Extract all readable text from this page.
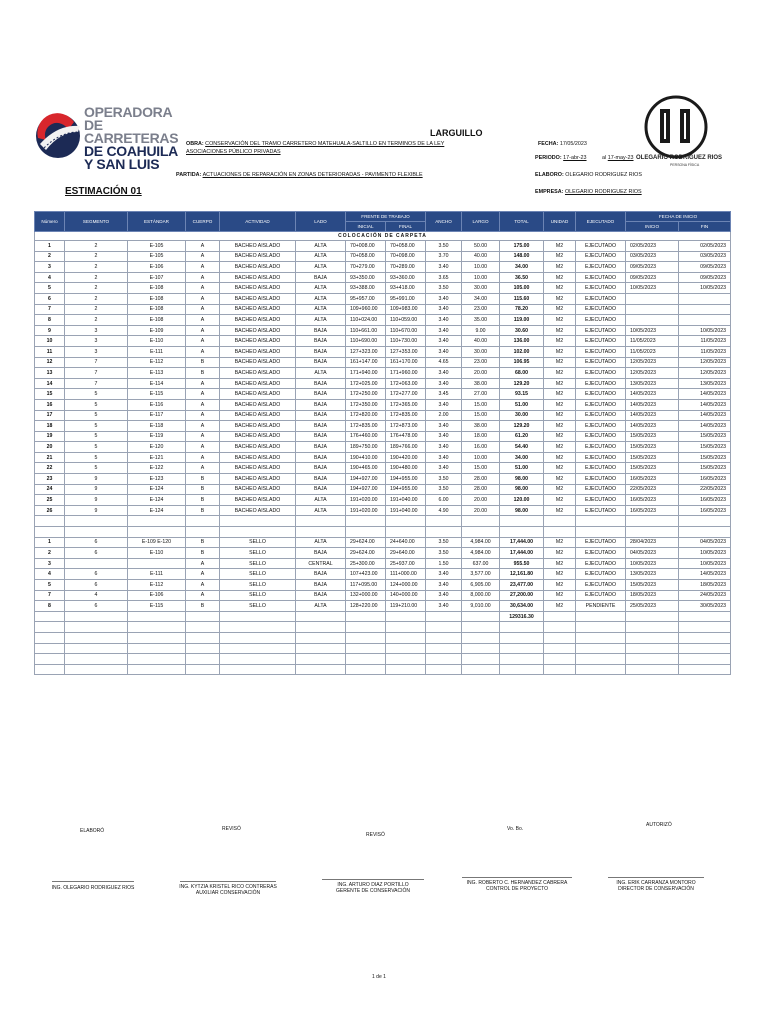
OPERADORA
DE CARRETERAS
DE COAHUILA
Y SAN LUIS	OLEGARIO RODRÍGUEZ RIOS
PERSONA FÍSICA
LARGUILLO
OBRA: CONSERVACIÓN DEL TRAMO CARRETERO MATEHUALA-SALTILLO EN TERMINOS DE LA LEY ASOCIACIONES PÚBLICO PRIVADAS
PARTIDA: ACTUACIONES DE REPARACIÓN EN ZONAS DETERIORADAS - PAVIMENTO FLEXIBLE
FECHA: 17/05/2023
PERIODO: 17-abr-23	al 17-may-23
ELABORO: OLEGARIO RODRIGUEZ RIOS
EMPRESA: OLEGARIO RODRIGUEZ RIOS
ESTIMACIÓN 01
Número	SEGMENTO	ESTÁNDAR	CUERPO	ACTIVIDAD	LADO	FRENTE DE TRABAJO		ANCHO	LARGO	TOTAL	UNIDAD	EJECUTADO	FECHA DE INICIO	
						INICIAL	FINAL						INICIO	FIN
COLOCACIÓN DE CARPETA														
1	2	E-105	A	BACHEO AISLADO	ALTA	70+008.00	70+058.00	3.50	50.00	175.00	M2	EJECUTADO	02/05/2023	02/05/2023
2	2	E-105	A	BACHEO AISLADO	ALTA	70+058.00	70+098.00	3.70	40.00	148.00	M2	EJECUTADO	03/05/2023	03/05/2023
3	2	E-106	A	BACHEO AISLADO	ALTA	70+279.00	70+289.00	3.40	10.00	34.00	M2	EJECUTADO	09/05/2023	09/05/2023
4	2	E-107	A	BACHEO AISLADO	BAJA	93+350.00	93+360.00	3.65	10.00	36.50	M2	EJECUTADO	09/05/2023	09/05/2023
5	2	E-108	A	BACHEO AISLADO	ALTA	93+388.00	93+418.00	3.50	30.00	105.00	M2	EJECUTADO	10/05/2023	10/05/2023
6	2	E-108	A	BACHEO AISLADO	ALTA	95+957.00	95+991.00	3.40	34.00	115.60	M2	EJECUTADO		
7	2	E-108	A	BACHEO AISLADO	ALTA	109+960.00	109+983.00	3.40	23.00	78.20	M2	EJECUTADO		
8	2	E-108	A	BACHEO AISLADO	ALTA	110+024.00	110+059.00	3.40	35.00	119.00	M2	EJECUTADO		
9	3	E-109	A	BACHEO AISLADO	BAJA	110+661.00	110+670.00	3.40	9.00	30.60	M2	EJECUTADO	10/05/2023	10/05/2023
10	3	E-110	A	BACHEO AISLADO	BAJA	110+690.00	110+730.00	3.40	40.00	136.00	M2	EJECUTADO	11/05/2023	11/05/2023
11	3	E-111	A	BACHEO AISLADO	BAJA	127+323.00	127+353.00	3.40	30.00	102.00	M2	EJECUTADO	11/05/2023	11/05/2023
12	7	E-112	B	BACHEO AISLADO	BAJA	161+147.00	161+170.00	4.65	23.00	106.95	M2	EJECUTADO	12/05/2023	12/05/2023
13	7	E-113	B	BACHEO AISLADO	ALTA	171+940.00	171+960.00	3.40	20.00	68.00	M2	EJECUTADO	12/05/2023	12/05/2023
14	7	E-114	A	BACHEO AISLADO	BAJA	172+025.00	172+063.00	3.40	38.00	129.20	M2	EJECUTADO	13/05/2023	13/05/2023
15	5	E-115	A	BACHEO AISLADO	BAJA	172+250.00	172+277.00	3.45	27.00	93.15	M2	EJECUTADO	14/05/2023	14/05/2023
16	5	E-116	A	BACHEO AISLADO	BAJA	172+350.00	172+365.00	3.40	15.00	51.00	M2	EJECUTADO	14/05/2023	14/05/2023
17	5	E-117	A	BACHEO AISLADO	BAJA	172+820.00	172+835.00	2.00	15.00	30.00	M2	EJECUTADO	14/05/2023	14/05/2023
18	5	E-118	A	BACHEO AISLADO	BAJA	172+835.00	172+873.00	3.40	38.00	129.20	M2	EJECUTADO	14/05/2023	14/05/2023
19	5	E-119	A	BACHEO AISLADO	BAJA	176+460.00	176+478.00	3.40	18.00	61.20	M2	EJECUTADO	15/05/2023	15/05/2023
20	5	E-120	A	BACHEO AISLADO	BAJA	189+750.00	189+766.00	3.40	16.00	54.40	M2	EJECUTADO	15/05/2023	15/05/2023
21	5	E-121	A	BACHEO AISLADO	BAJA	190+410.00	190+420.00	3.40	10.00	34.00	M2	EJECUTADO	15/05/2023	15/05/2023
22	5	E-122	A	BACHEO AISLADO	BAJA	190+465.00	190+480.00	3.40	15.00	51.00	M2	EJECUTADO	15/05/2023	15/05/2023
23	9	E-123	B	BACHEO AISLADO	BAJA	194+927.00	194+955.00	3.50	28.00	98.00	M2	EJECUTADO	16/05/2023	16/05/2023
24	9	E-124	B	BACHEO AISLADO	BAJA	194+927.00	194+955.00	3.50	28.00	98.00	M2	EJECUTADO	22/05/2023	22/05/2023
25	9	E-124	B	BACHEO AISLADO	ALTA	191+020.00	191+040.00	6.00	20.00	120.00	M2	EJECUTADO	16/05/2023	16/05/2023
26	9	E-124	B	BACHEO AISLADO	ALTA	191+020.00	191+040.00	4.90	20.00	98.00	M2	EJECUTADO	16/05/2023	16/05/2023

1	6	E-109 E-120	B	SELLO	ALTA	29+624.00	24+640.00	3.50	4,984.00	17,444.00	M2	EJECUTADO	28/04/2023	04/05/2023
2	6	E-110	B	SELLO	BAJA	29+624.00	29+640.00	3.50	4,984.00	17,444.00	M2	EJECUTADO	04/05/2023	10/05/2023
3			A	SELLO	CENTRAL	25+300.00	25+937.00	1.50	637.00	955.50	M2	EJECUTADO	10/05/2023	10/05/2023
4	6	E-111	A	SELLO	BAJA	107+423.00	111+000.00	3.40	3,577.00	12,161.80	M2	EJECUTADO	13/05/2023	14/05/2023
5	6	E-112	A	SELLO	BAJA	117+095.00	124+000.00	3.40	6,905.00	23,477.00	M2	EJECUTADO	15/05/2023	18/05/2023
7	4	E-106	A	SELLO	BAJA	132+000.00	140+000.00	3.40	8,000.00	27,200.00	M2	EJECUTADO	18/05/2023	24/05/2023
8	6	E-115	B	SELLO	ALTA	128+220.00	119+210.00	3.40	9,010.00	30,634.00	M2	PENDIENTE	25/05/2023	30/05/2023
										129316.30				

ELABORÓ	REVISÓ
REVISÓ
Vo. Bo.
AUTORIZÓ
ING. OLEGARIO RODRIGUEZ RIOS	ING. KYTZIA KRISTEL RICO CONTRERAS
AUXILIAR CONSERVACIÓN
ING. ARTURO DIAZ PORTILLO
GERENTE DE CONSERVACIÓN
ING. ROBERTO C. HERNANDEZ CABRERA
CONTROL DE PROYECTO
ING. ERIK CARRANZA MONTORO
DIRECTOR DE CONSERVACIÓN
1 de 1
